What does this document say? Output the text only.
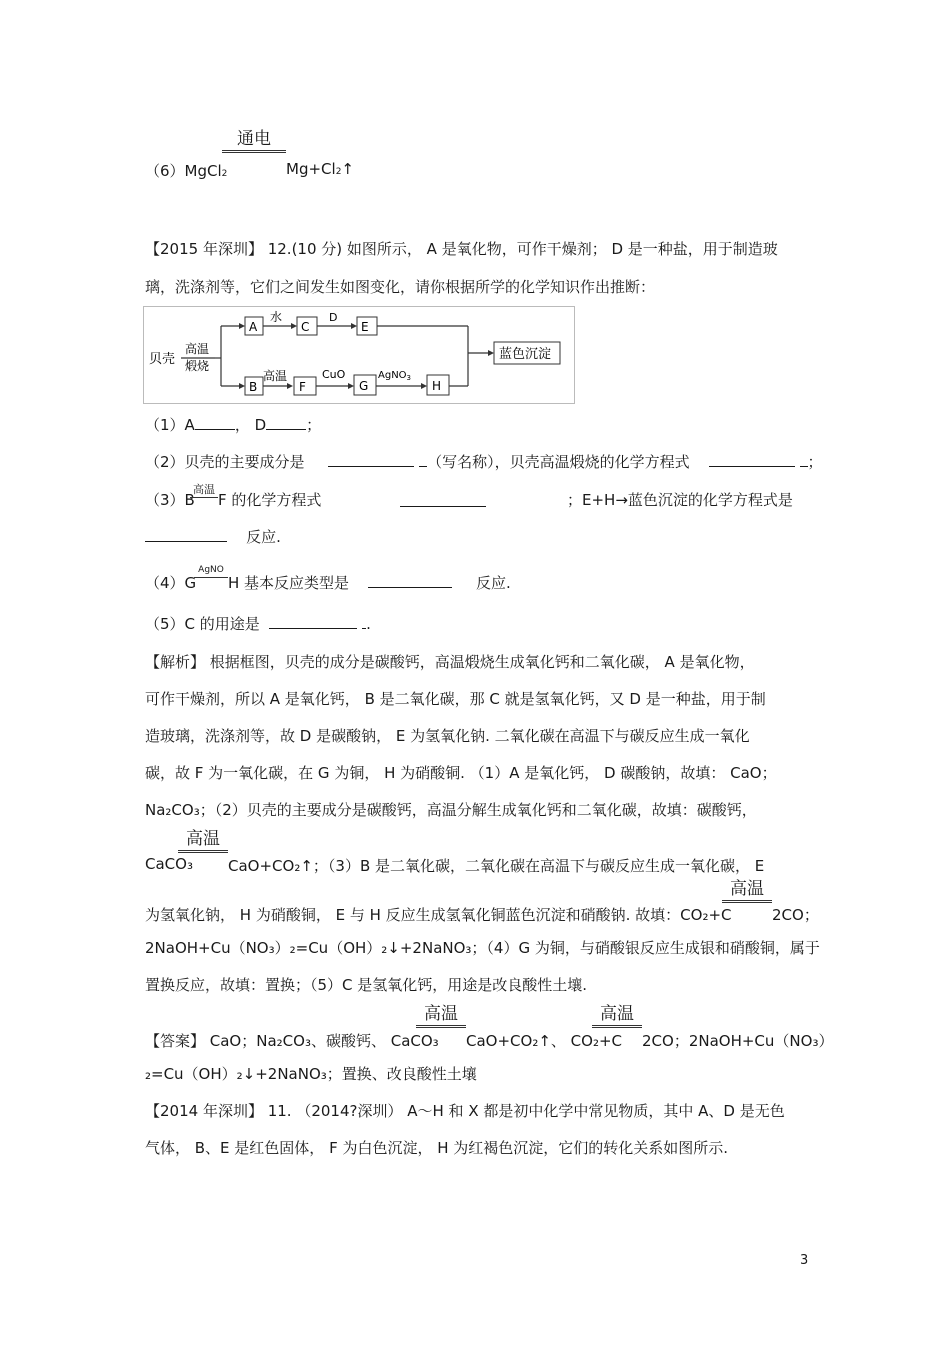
（6）MgCl2
通电
Mg+Cl2↑
【2015 年深圳】 12.(10 分) 如图所示， A 是氧化物，可作干燥剂； D 是一种盐，用于制造玻
璃，洗涤剂等，它们之间发生如图变化，请你根据所学的化学知识作出推断：
贝壳
高温
煅烧
A
水
C
D
E
B
高温
F
CuO
G
AgNO$_3$
H
蓝色沉淀
（1）A	， D	；
（2）贝壳的主要成分是	（写名称），贝壳高温煅烧的化学方程式	；
（3）B
高温
F 的化学方程式	；E+H→蓝色沉淀的化学方程式是
反应.
（4）G
AgNO
H 基本反应类型是	反应.
（5）C 的用途是	.
【解析】 根据框图，贝壳的成分是碳酸钙，高温煅烧生成氧化钙和二氧化碳， A 是氧化物，
可作干燥剂，所以 A 是氧化钙， B 是二氧化碳，那 C 就是氢氧化钙，又 D 是一种盐，用于制
造玻璃，洗涤剂等，故 D 是碳酸钠， E 为氢氧化钠. 二氧化碳在高温下与碳反应生成一氧化
碳，故 F 为一氧化碳，在 G 为铜， H 为硝酸铜. （1）A 是氧化钙， D 碳酸钠，故填： CaO；
Na₂CO₃；（2）贝壳的主要成分是碳酸钙，高温分解生成氧化钙和二氧化碳，故填：碳酸钙，
高温
CaCO₃ CaO+CO₂↑；（3）B 是二氧化碳，二氧化碳在高温下与碳反应生成一氧化碳， E
为氢氧化钠， H 为硝酸铜， E 与 H 反应生成氢氧化铜蓝色沉淀和硝酸钠. 故填：CO₂+C
高温
2CO；
2NaOH+Cu（NO₃）₂=Cu（OH）₂↓+2NaNO₃；（4）G 为铜，与硝酸银反应生成银和硝酸铜，属于
置换反应，故填：置换；（5）C 是氢氧化钙，用途是改良酸性土壤.
【答案】 CaO；Na₂CO₃、碳酸钙、 CaCO₃
高温
CaO+CO₂↑、 CO₂+C
高温
2CO；2NaOH+Cu（NO₃）
₂=Cu（OH）₂↓+2NaNO₃；置换、改良酸性土壤
【2014 年深圳】 11. （2014?深圳） A～H 和 X 都是初中化学中常见物质，其中 A、D 是无色
气体， B、E 是红色固体， F 为白色沉淀， H 为红褐色沉淀，它们的转化关系如图所示.
3
